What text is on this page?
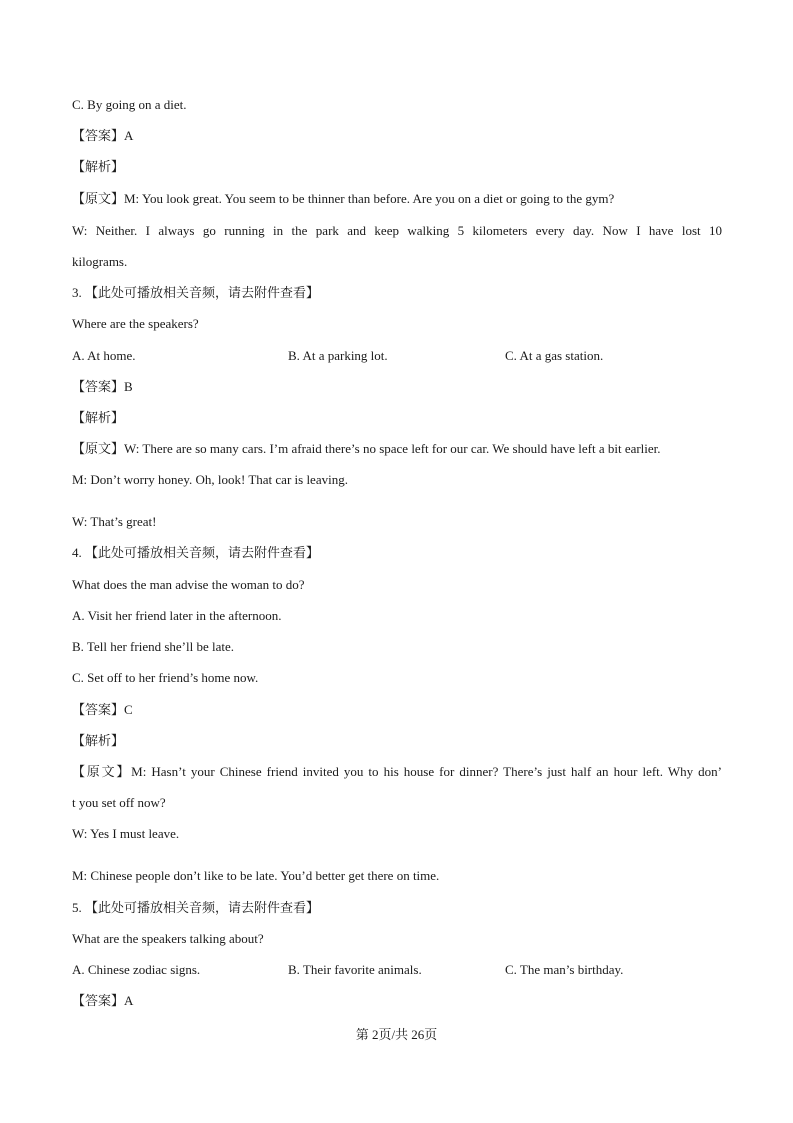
C. By going on a diet.
【答案】A
【解析】
【原文】M: You look great. You seem to be thinner than before. Are you on a diet or going to the gym?
W: Neither. I always go running in the park and keep walking 5 kilometers every day. Now I have lost 10
kilograms.
3. 【此处可播放相关音频，请去附件查看】
Where are the speakers?
A. At home.	B. At a parking lot.	C. At a gas station.
【答案】B
【解析】
【原文】W: There are so many cars. I’m afraid there’s no space left for our car. We should have left a bit earlier.
M: Don’t worry honey. Oh, look! That car is leaving.
W: That’s great!
4. 【此处可播放相关音频，请去附件查看】
What does the man advise the woman to do?
A. Visit her friend later in the afternoon.
B. Tell her friend she’ll be late.
C. Set off to her friend’s home now.
【答案】C
【解析】
【原文】M: Hasn’t your Chinese friend invited you to his house for dinner? There’s just half an hour left. Why don’
t you set off now?
W: Yes I must leave.
M: Chinese people don’t like to be late. You’d better get there on time.
5. 【此处可播放相关音频，请去附件查看】
What are the speakers talking about?
A. Chinese zodiac signs.	B. Their favorite animals.	C. The man’s birthday.
【答案】A
第 2页/共 26页
